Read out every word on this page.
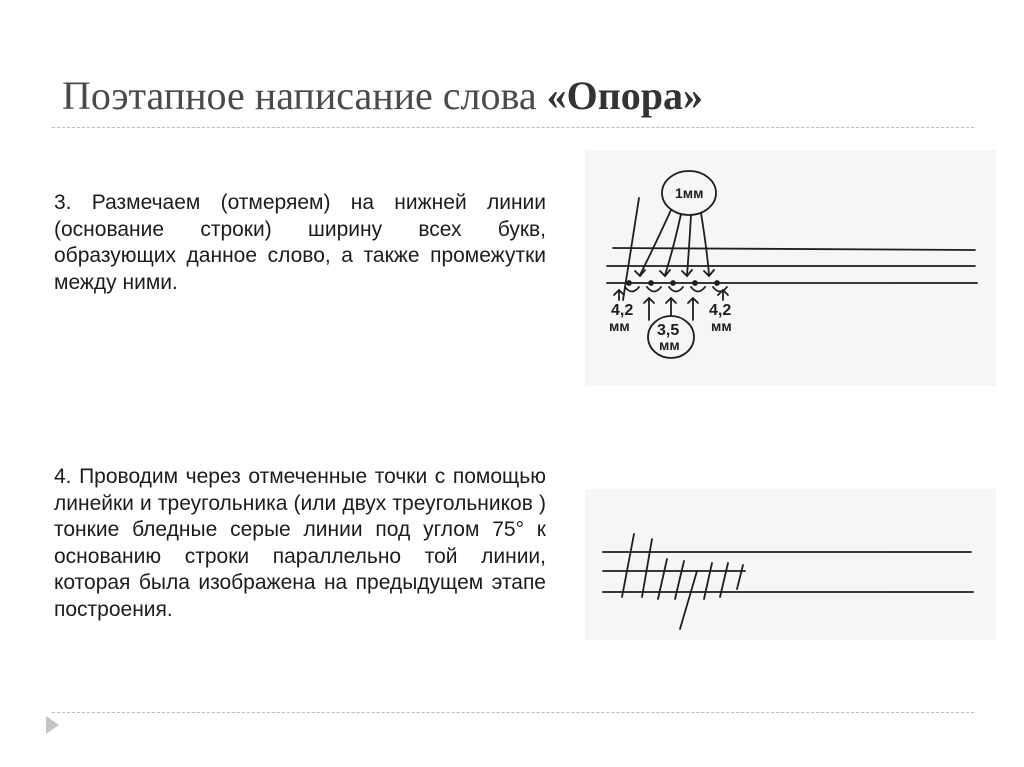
Поэтапное написание слова «Опора»
3. Размечаем (отмеряем) на нижней линии (основание строки) ширину всех букв, образующих данное слово, а также промежутки между ними.
1мм
4,2
мм 3,5
мм
4,2
мм
4. Проводим через отмеченные точки с помощью линейки и треугольника (или двух треугольников ) тонкие бледные серые линии под углом 75° к основанию строки параллельно той линии, которая была изображена на предыдущем этапе построения.
